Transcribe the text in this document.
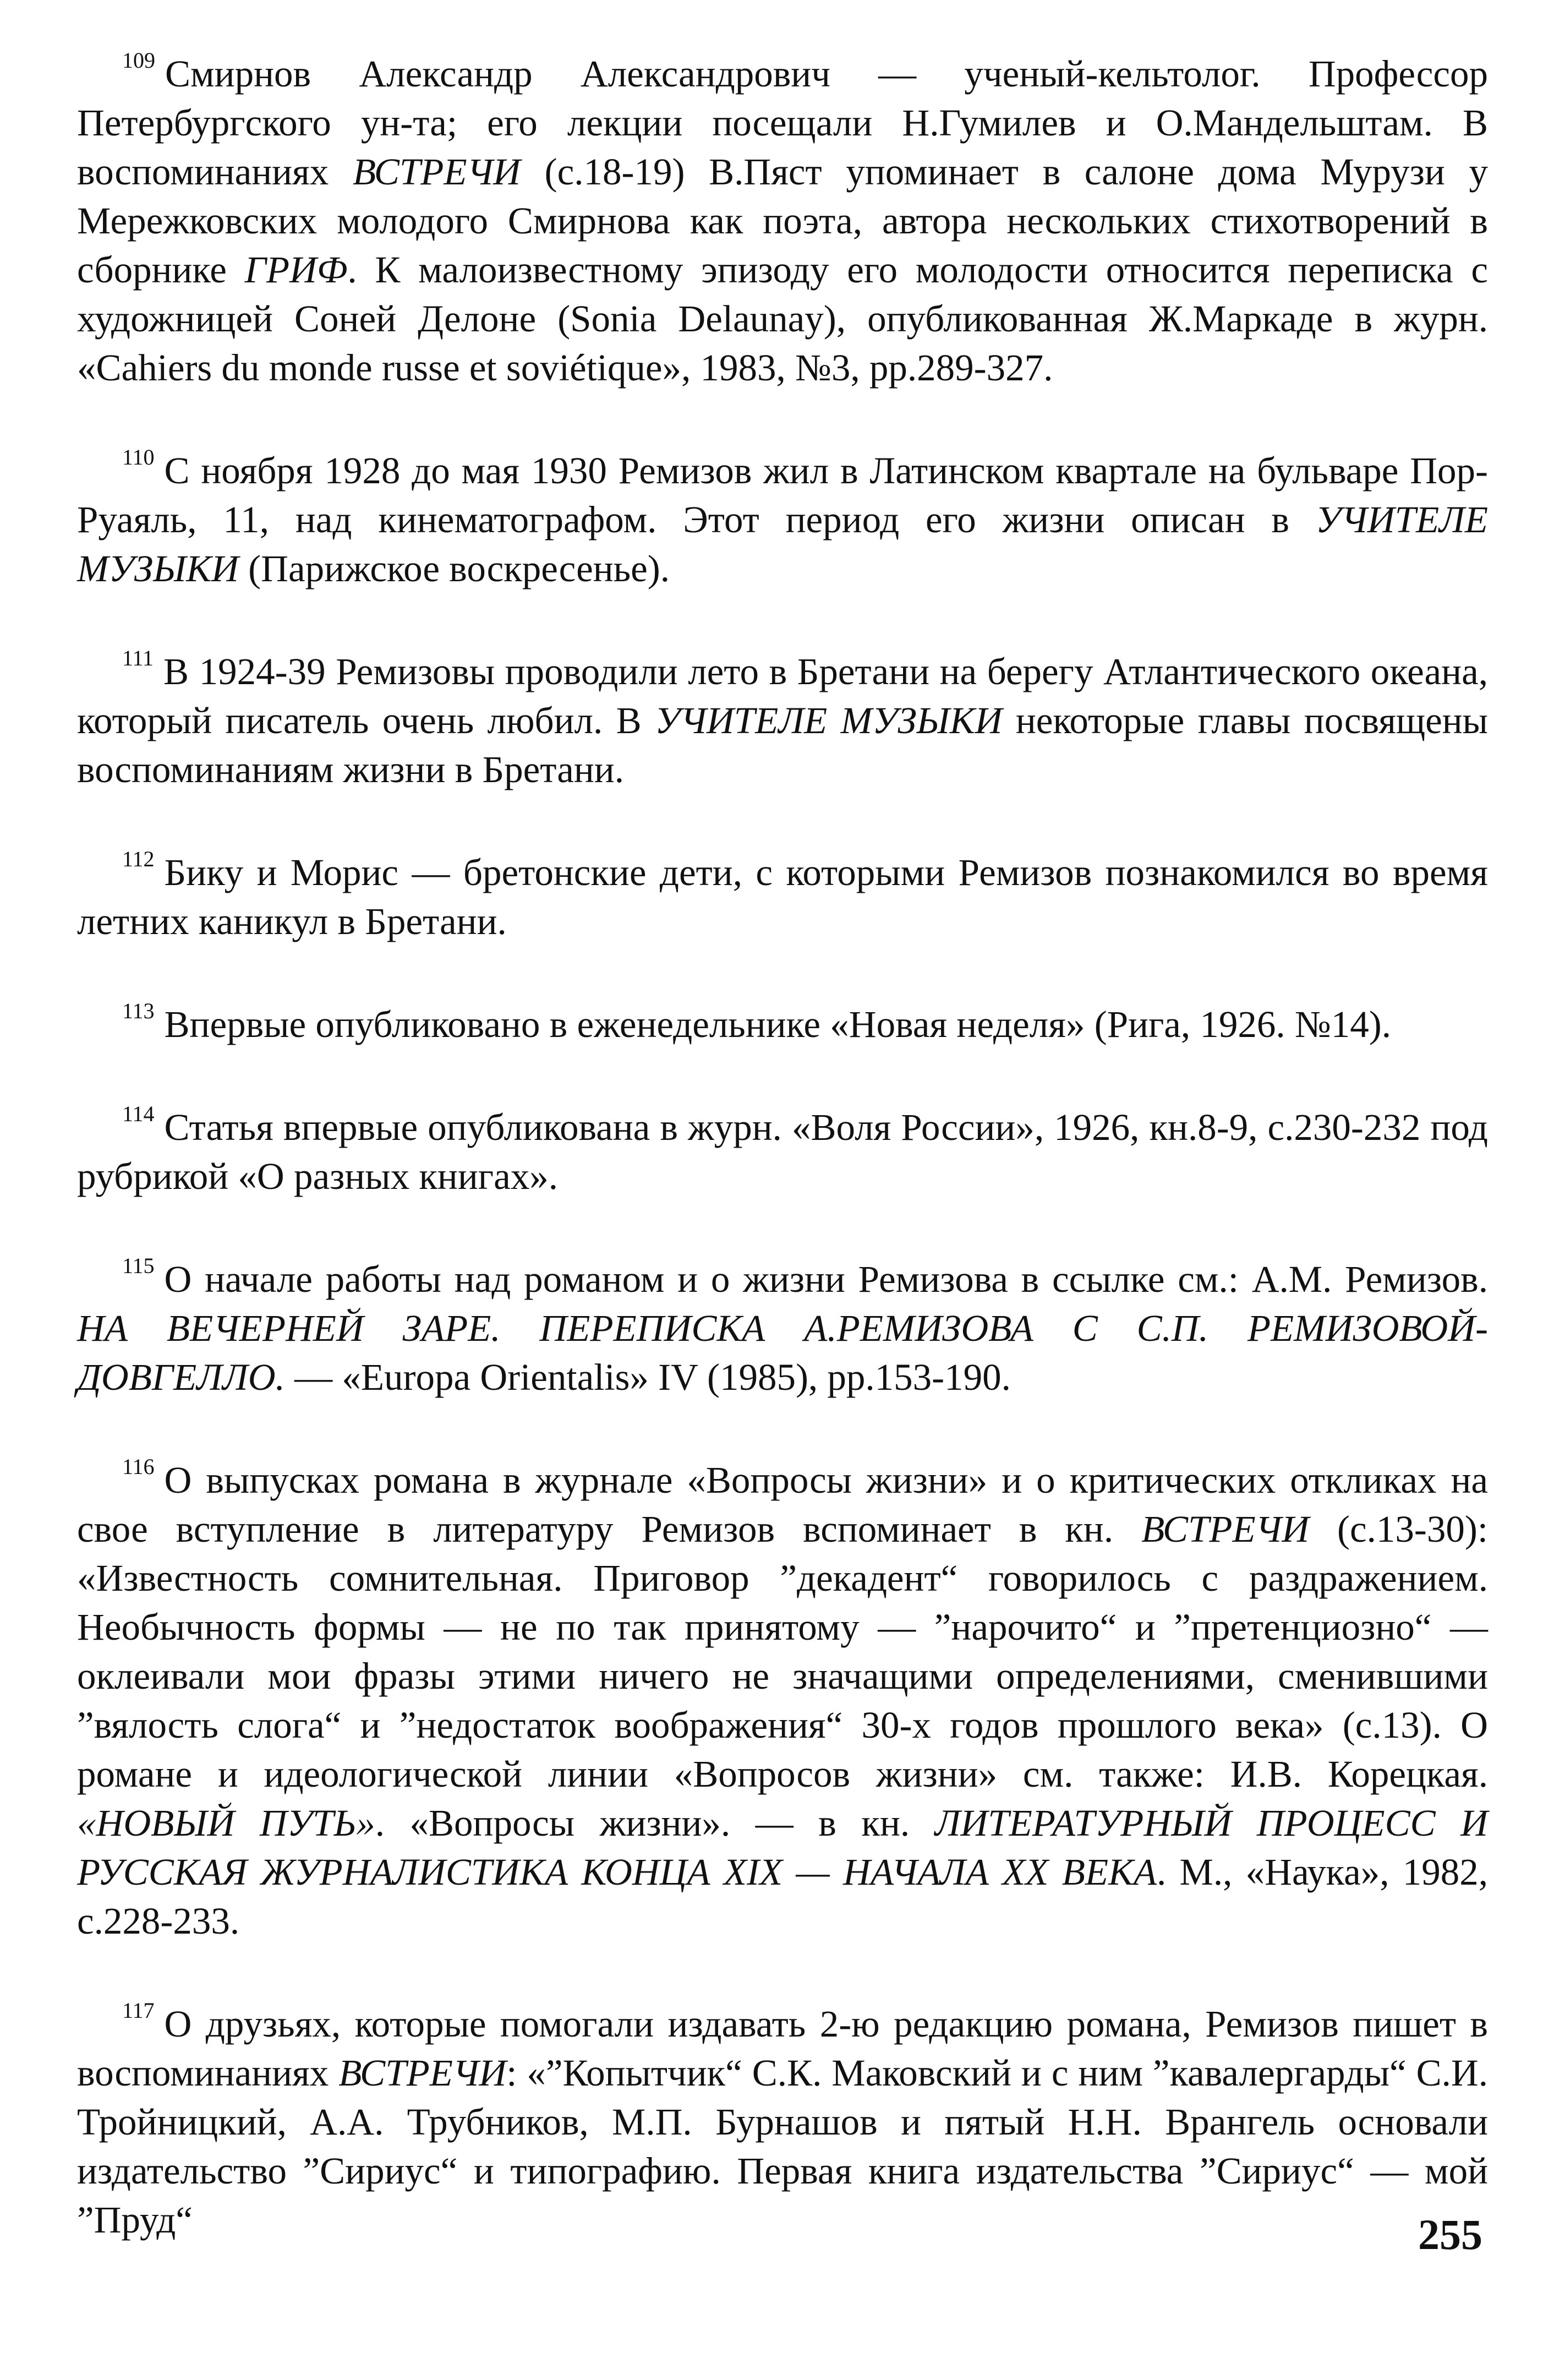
$^{109}$ Смирнов Александр Александрович — ученый-кельтолог. Профессор Петербургского ун-та; его лекции посещали Н.Гумилев и О.Мандельштам. В воспоминаниях ВСТРЕЧИ (с.18-19) В.Пяст упоминает в салоне дома Мурузи у Мережковских молодого Смирнова как поэта, автора нескольких стихотворений в сборнике ГРИФ. К малоизвестному эпизоду его молодости относится переписка с художницей Соней Делоне (Sonia Delaunay), опубликованная Ж.Маркаде в журн. «Cahiers du monde russe et soviétique», 1983, №3, pp.289-327.

$^{110}$ С ноября 1928 до мая 1930 Ремизов жил в Латинском квартале на бульваре Пор-Руаяль, 11, над кинематографом. Этот период его жизни описан в УЧИТЕЛЕ МУЗЫКИ (Парижское воскресенье).

$^{111}$ В 1924-39 Ремизовы проводили лето в Бретани на берегу Атлантического океана, который писатель очень любил. В УЧИТЕЛЕ МУЗЫКИ некоторые главы посвящены воспоминаниям жизни в Бретани.

$^{112}$ Бику и Морис — бретонские дети, с которыми Ремизов познакомился во время летних каникул в Бретани.

$^{113}$ Впервые опубликовано в еженедельнике «Новая неделя» (Рига, 1926. №14).

$^{114}$ Статья впервые опубликована в журн. «Воля России», 1926, кн.8-9, с.230-232 под рубрикой «О разных книгах».

$^{115}$ О начале работы над романом и о жизни Ремизова в ссылке см.: А.М. Ремизов. НА ВЕЧЕРНЕЙ ЗАРЕ. ПЕРЕПИСКА А.РЕМИЗОВА С С.П. РЕМИЗОВОЙ-ДОВГЕЛЛО. — «Europa Orientalis» IV (1985), pp.153-190.

$^{116}$ О выпусках романа в журнале «Вопросы жизни» и о критических откликах на свое вступление в литературу Ремизов вспоминает в кн. ВСТРЕЧИ (с.13-30): «Известность сомнительная. Приговор ”декадент“ говорилось с раздражением. Необычность формы — не по так принятому — ”нарочито“ и ”претенциозно“ — оклеивали мои фразы этими ничего не значащими определениями, сменившими ”вялость слога“ и ”недостаток воображения“ 30-х годов прошлого века» (с.13). О романе и идеологической линии «Вопросов жизни» см. также: И.В. Корецкая. «НОВЫЙ ПУТЬ». «Вопросы жизни». — в кн. ЛИТЕРАТУРНЫЙ ПРОЦЕСС И РУССКАЯ ЖУРНАЛИСТИКА КОНЦА XIX — НАЧАЛА XX ВЕКА. М., «Наука», 1982, с.228-233.

$^{117}$ О друзьях, которые помогали издавать 2-ю редакцию романа, Ремизов пишет в воспоминаниях ВСТРЕЧИ: «”Копытчик“ С.К. Маковский и с ним ”кавалергарды“ С.И. Тройницкий, А.А. Трубников, М.П. Бурнашов и пятый Н.Н. Врангель основали издательство ”Сириус“ и типографию. Первая книга издательства ”Сириус“ — мой ”Пруд“	255
